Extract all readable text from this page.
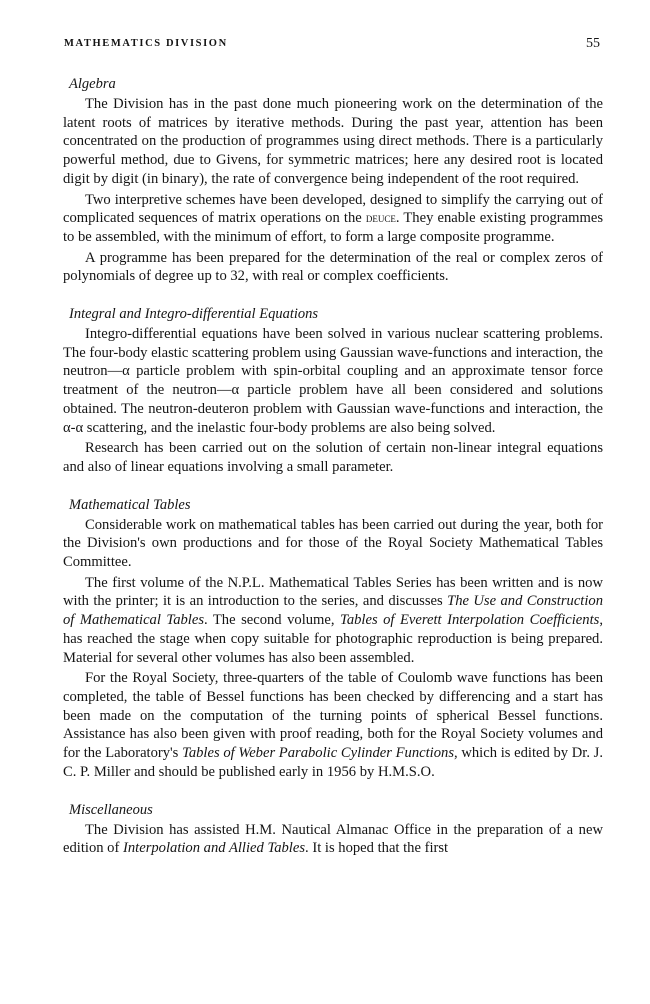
MATHEMATICS DIVISION	55
Algebra

The Division has in the past done much pioneering work on the determination of the latent roots of matrices by iterative methods. During the past year, attention has been concentrated on the production of programmes using direct methods. There is a particularly powerful method, due to Givens, for symmetric matrices; here any desired root is located digit by digit (in binary), the rate of convergence being independent of the root required.

Two interpretive schemes have been developed, designed to simplify the carrying out of complicated sequences of matrix operations on the deuce. They enable existing programmes to be assembled, with the minimum of effort, to form a large composite programme.

A programme has been prepared for the determination of the real or complex zeros of polynomials of degree up to 32, with real or complex coefficients.

Integral and Integro-differential Equations

Integro-differential equations have been solved in various nuclear scattering problems. The four-body elastic scattering problem using Gaussian wave-functions and interaction, the neutron—α particle problem with spin-orbital coupling and an approximate tensor force treatment of the neutron—α particle problem have all been considered and solutions obtained. The neutron-deuteron problem with Gaussian wave-functions and interaction, the α-α scattering, and the inelastic four-body problems are also being solved.

Research has been carried out on the solution of certain non-linear integral equations and also of linear equations involving a small parameter.

Mathematical Tables

Considerable work on mathematical tables has been carried out during the year, both for the Division's own productions and for those of the Royal Society Mathematical Tables Committee.

The first volume of the N.P.L. Mathematical Tables Series has been written and is now with the printer; it is an introduction to the series, and discusses The Use and Construction of Mathematical Tables. The second volume, Tables of Everett Interpolation Coefficients, has reached the stage when copy suitable for photographic reproduction is being prepared. Material for several other volumes has also been assembled.

For the Royal Society, three-quarters of the table of Coulomb wave functions has been completed, the table of Bessel functions has been checked by differencing and a start has been made on the computation of the turning points of spherical Bessel functions. Assistance has also been given with proof reading, both for the Royal Society volumes and for the Laboratory's Tables of Weber Parabolic Cylinder Functions, which is edited by Dr. J. C. P. Miller and should be published early in 1956 by H.M.S.O.

Miscellaneous

The Division has assisted H.M. Nautical Almanac Office in the preparation of a new edition of Interpolation and Allied Tables. It is hoped that the first
